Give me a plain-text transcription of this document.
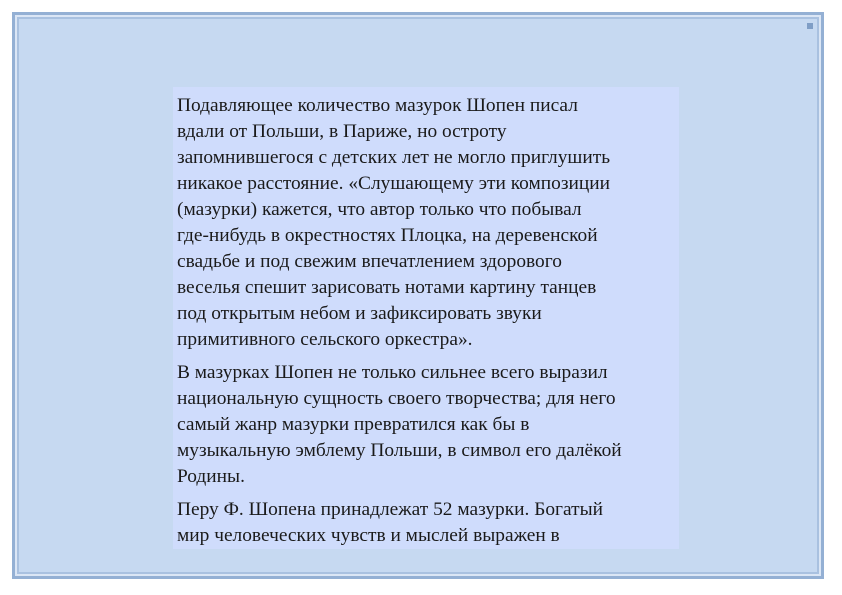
Подавляющее количество мазурок Шопен писал
вдали от Польши, в Париже, но остроту
запомнившегося с детских лет не могло приглушить
никакое расстояние. «Слушающему эти композиции
(мазурки) кажется, что автор только что побывал
где-нибудь в окрестностях Плоцка, на деревенской
свадьбе и под свежим впечатлением здорового
веселья спешит зарисовать нотами картину танцев
под открытым небом и зафиксировать звуки
примитивного сельского оркестра».

В мазурках Шопен не только сильнее всего выразил
национальную сущность своего творчества; для него
самый жанр мазурки превратился как бы в
музыкальную эмблему Польши, в символ его далёкой
Родины.

Перу Ф. Шопена принадлежат 52 мазурки. Богатый
мир человеческих чувств и мыслей выражен в
